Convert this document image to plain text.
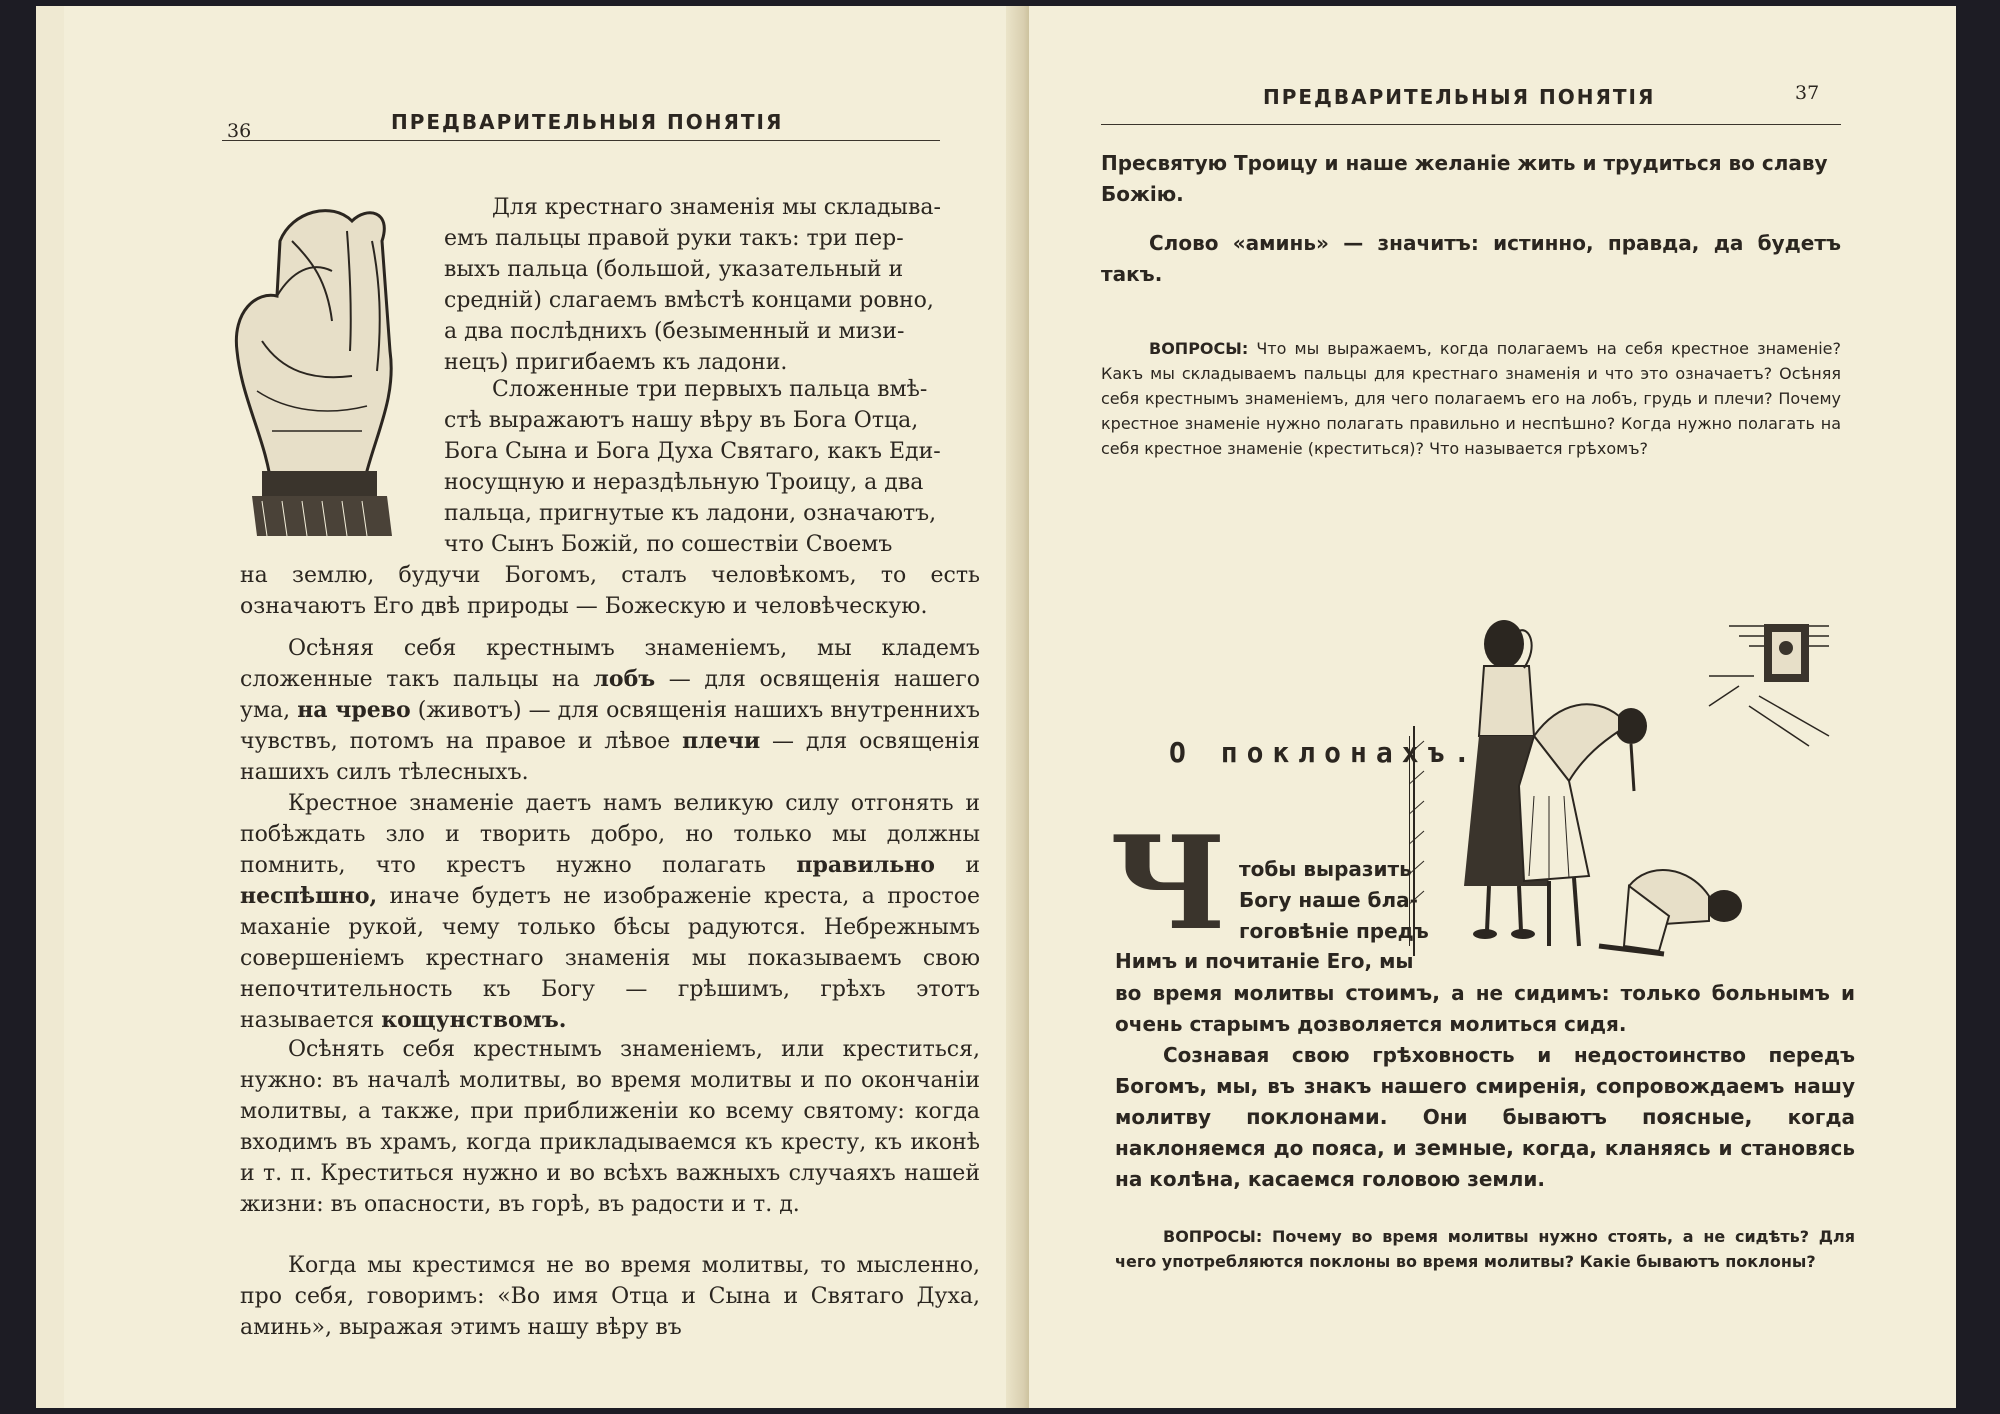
36	ПРЕДВАРИТЕЛЬНЫЯ ПОНЯТІЯ
Для крестнаго знаменія мы складыва-
емъ пальцы правой руки такъ: три пер-
выхъ пальца (большой, указательный и
средній) слагаемъ вмѣстѣ концами ровно,
а два послѣднихъ (безыменный и мизи-
нецъ) пригибаемъ къ ладони.
Сложенные три первыхъ пальца вмѣ-
стѣ выражаютъ нашу вѣру въ Бога Отца,
Бога Сына и Бога Духа Святаго, какъ Еди-
носущную и нераздѣльную Троицу, а два
пальца, пригнутые къ ладони, означаютъ,
что Сынъ Божій, по сошествіи Своемъ

на землю, будучи Богомъ, сталъ человѣкомъ, то есть означаютъ Его двѣ природы — Божескую и человѣческую.

Осѣняя себя крестнымъ знаменіемъ, мы кладемъ сложенные такъ пальцы на лобъ — для освященія нашего ума, на чрево (животъ) — для освященія нашихъ внутреннихъ чувствъ, потомъ на правое и лѣвое плечи — для освященія нашихъ силъ тѣлесныхъ.

Крестное знаменіе даетъ намъ великую силу отгонять и побѣждать зло и творить добро, но только мы должны помнить, что крестъ нужно полагать правильно и неспѣшно, иначе будетъ не изображеніе креста, а простое маханіе рукой, чему только бѣсы радуются. Небрежнымъ совершеніемъ крестнаго знаменія мы показываемъ свою непочтительность къ Богу — грѣшимъ, грѣхъ этотъ называется кощунствомъ.

Осѣнять себя крестнымъ знаменіемъ, или креститься, нужно: въ началѣ молитвы, во время молитвы и по окончаніи молитвы, а также, при приближеніи ко всему святому: когда входимъ въ храмъ, когда прикладываемся къ кресту, къ иконѣ и т. п. Креститься нужно и во всѣхъ важныхъ случаяхъ нашей жизни: въ опасности, въ горѣ, въ радости и т. д.

Когда мы крестимся не во время молитвы, то мысленно, про себя, говоримъ: «Во имя Отца и Сына и Святаго Духа, аминь», выражая этимъ нашу вѣру въ

ПРЕДВАРИТЕЛЬНЫЯ ПОНЯТІЯ	37

Пресвятую Троицу и наше желаніе жить и трудиться во славу Божію.

Слово «аминь» — значитъ: истинно, правда, да будетъ такъ.

ВОПРОСЫ: Что мы выражаемъ, когда полагаемъ на себя крестное знаменіе? Какъ мы складываемъ пальцы для крестнаго знаменія и что это означаетъ? Осѣняя себя крестнымъ знаменіемъ, для чего полагаемъ его на лобъ, грудь и плечи? Почему крестное знаменіе нужно полагать правильно и неспѣшно? Когда нужно полагать на себя крестное знаменіе (креститься)? Что называется грѣхомъ?

О поклонахъ.
Ч тобы выразить
Богу наше бла-
гоговѣніе предъ
Нимъ и почитаніе Его, мы

во время молитвы стоимъ, а не сидимъ: только больнымъ и очень старымъ дозволяется молиться сидя.

Сознавая свою грѣховность и недостоинство передъ Богомъ, мы, въ знакъ нашего смиренія, сопровождаемъ нашу молитву поклонами. Они бываютъ поясные, когда наклоняемся до пояса, и земные, когда, кланяясь и становясь на колѣна, касаемся головою земли.

ВОПРОСЫ: Почему во время молитвы нужно стоять, а не сидѣть? Для чего употребляются поклоны во время молитвы? Какіе бываютъ поклоны?
